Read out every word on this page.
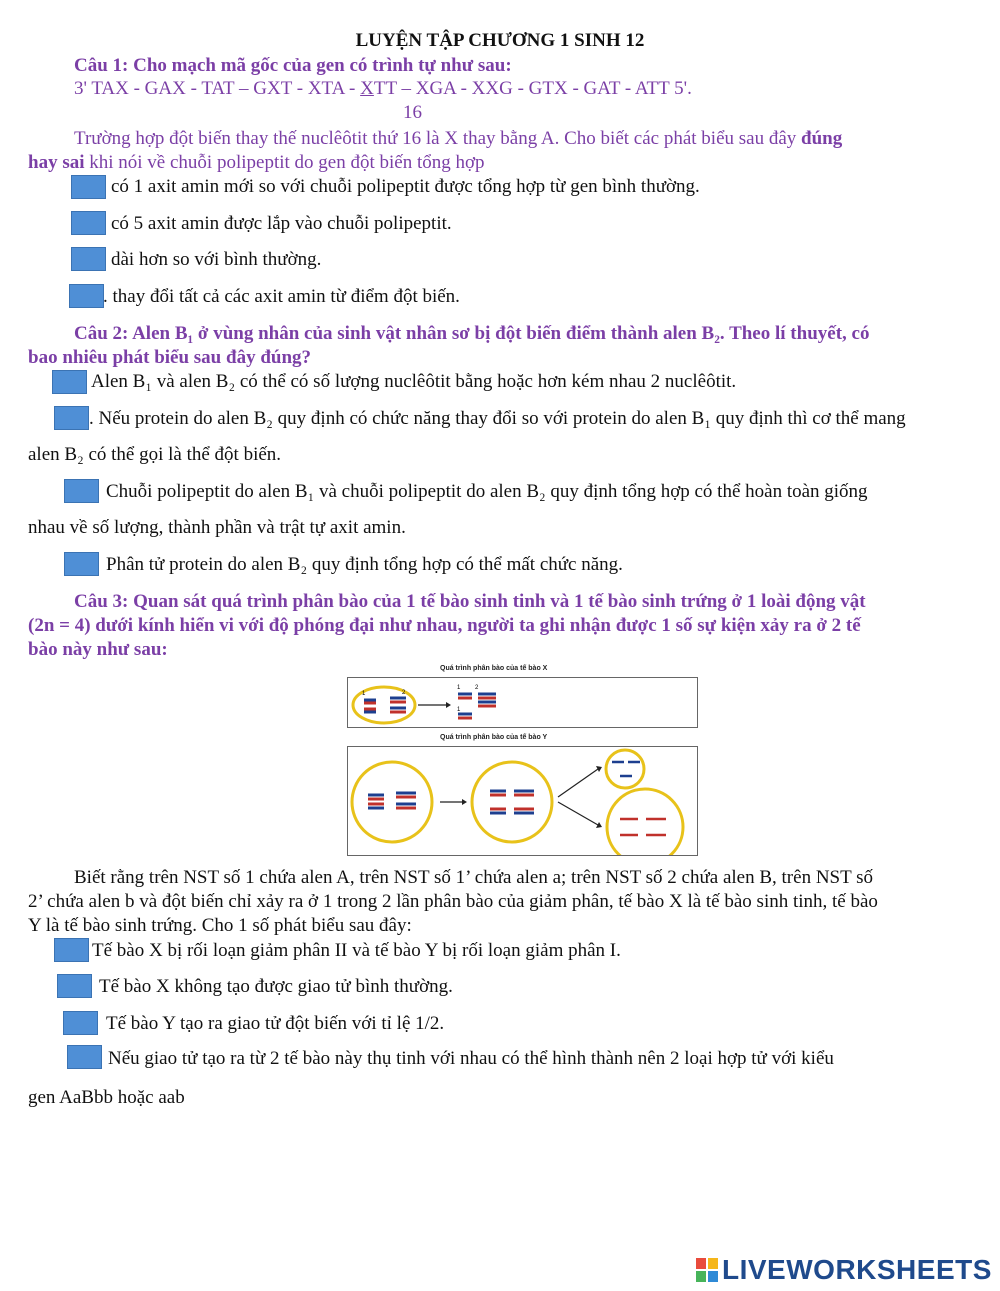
LUYỆN TẬP CHƯƠNG 1 SINH 12
Câu 1: Cho mạch mã gốc của gen có trình tự như sau:
3' TAX - GAX - TAT – GXT - XTA - XTT – XGA - XXG - GTX - GAT - ATT 5'.
16
Trường hợp đột biến thay thế nuclêôtit thứ 16 là X thay bằng A. Cho biết các phát biểu sau đây đúng
hay sai khi nói về chuỗi polipeptit do gen đột biến tổng hợp
có 1 axit amin mới so với chuỗi polipeptit được tổng hợp từ gen bình thường.
có 5 axit amin được lắp vào chuỗi polipeptit.
dài hơn so với bình thường.
. thay đổi tất cả các axit amin từ điểm đột biến.
Câu 2: Alen B₁ ở vùng nhân của sinh vật nhân sơ bị đột biến điểm thành alen B₂. Theo lí thuyết, có
bao nhiêu phát biểu sau đây đúng?
Alen B₁ và alen B₂ có thể có số lượng nuclêôtit bằng hoặc hơn kém nhau 2 nuclêôtit.
. Nếu protein do alen B₂ quy định có chức năng thay đổi so với protein do alen B₁ quy định thì cơ thể mang
alen B₂ có thể gọi là thể đột biến.
Chuỗi polipeptit do alen B₁ và chuỗi polipeptit do alen B₂ quy định tổng hợp có thể hoàn toàn giống
nhau về số lượng, thành phần và trật tự axit amin.
Phân tử protein do alen B₂ quy định tổng hợp có thể mất chức năng.
Câu 3: Quan sát quá trình phân bào của 1 tế bào sinh tinh và 1 tế bào sinh trứng ở 1 loài động vật
(2n = 4) dưới kính hiển vi với độ phóng đại như nhau, người ta ghi nhận được 1 số sự kiện xảy ra ở 2 tế
bào này như sau:
Quá trình phân bào của tế bào X
1	2
1 2
1
Quá trình phân bào của tế bào Y
Biết rằng trên NST số 1 chứa alen A, trên NST số 1’ chứa alen a; trên NST số 2 chứa alen B, trên NST số
2’ chứa alen b và đột biến chỉ xảy ra ở 1 trong 2 lần phân bào của giảm phân, tế bào X là tế bào sinh tinh, tế bào
Y là tế bào sinh trứng. Cho 1 số phát biểu sau đây:
Tế bào X bị rối loạn giảm phân II và tế bào Y bị rối loạn giảm phân I.
Tế bào X không tạo được giao tử bình thường.
Tế bào Y tạo ra giao tử đột biến với tỉ lệ 1/2.
Nếu giao tử tạo ra từ 2 tế bào này thụ tinh với nhau có thể hình thành nên 2 loại hợp tử với kiểu
gen AaBbb hoặc aab
LIVEWORKSHEETS
